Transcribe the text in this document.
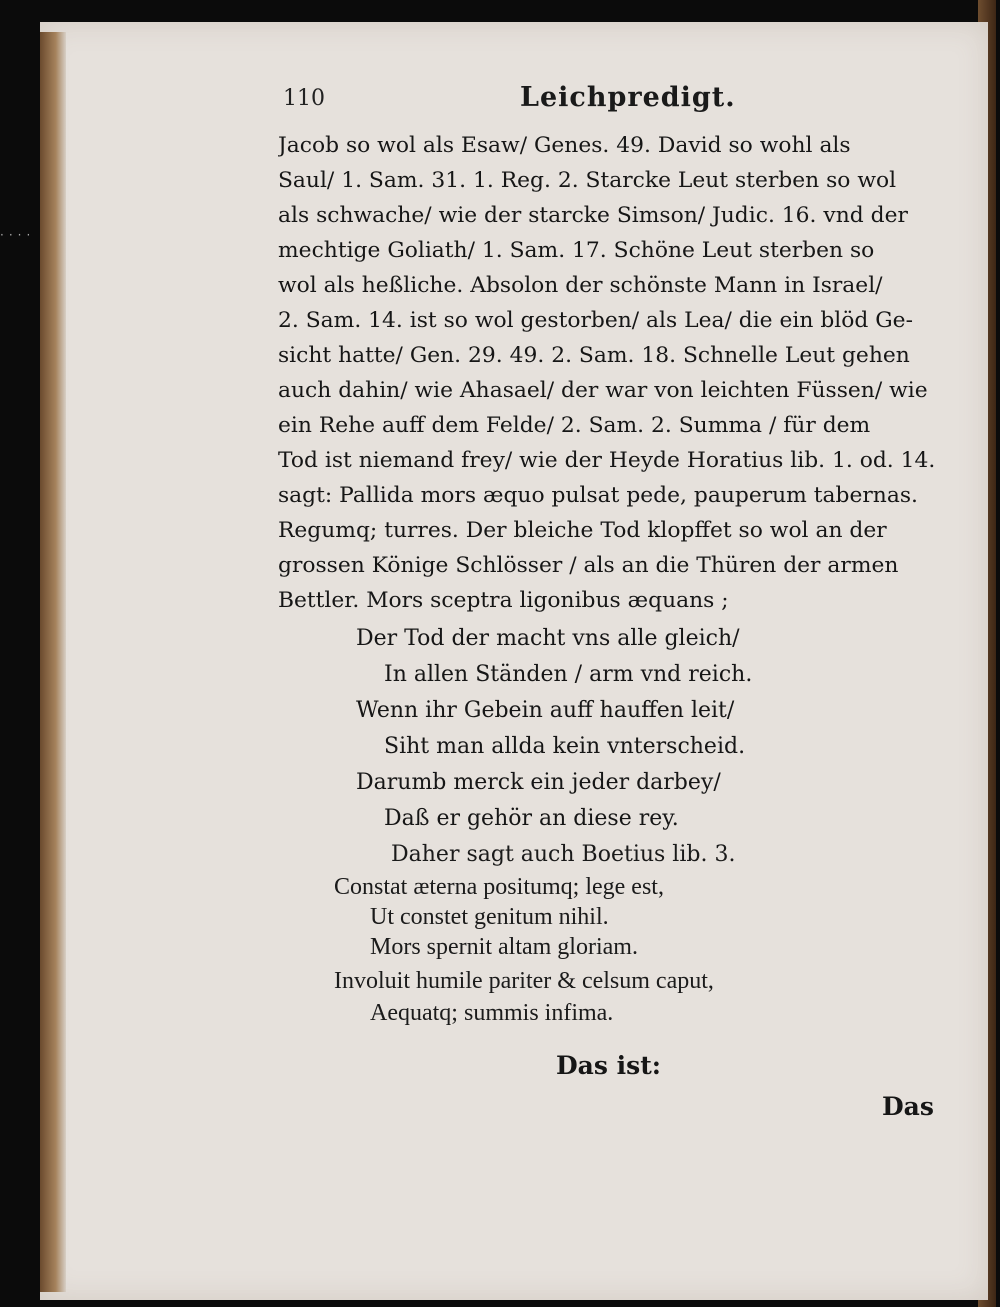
····
110	Leichpredigt.
Jacob so wol als Esaw/ Genes. 49. David so wohl als
Saul/ 1. Sam. 31. 1. Reg. 2. Starcke Leut sterben so wol
als schwache/ wie der starcke Simson/ Judic. 16. vnd der
mechtige Goliath/ 1. Sam. 17. Schöne Leut sterben so
wol als heßliche. Absolon der schönste Mann in Israel/
2. Sam. 14. ist so wol gestorben/ als Lea/ die ein blöd Ge-
sicht hatte/ Gen. 29. 49. 2. Sam. 18. Schnelle Leut gehen
auch dahin/ wie Ahasael/ der war von leichten Füssen/ wie
ein Rehe auff dem Felde/ 2. Sam. 2. Summa / für dem
Tod ist niemand frey/ wie der Heyde Horatius lib. 1. od. 14.
sagt: Pallida mors æquo pulsat pede, pauperum tabernas.
Regumq; turres. Der bleiche Tod klopffet so wol an der
grossen Könige Schlösser / als an die Thüren der armen
Bettler. Mors sceptra ligonibus æquans ;
Der Tod der macht vns alle gleich/
In allen Ständen / arm vnd reich.
Wenn ihr Gebein auff hauffen leit/
Siht man allda kein vnterscheid.
Darumb merck ein jeder darbey/
Daß er gehör an diese rey.
Daher sagt auch Boetius lib. 3.
Constat æterna positumq; lege est,
Ut constet genitum nihil.
Mors spernit altam gloriam.
Involuit humile pariter & celsum caput,
Aequatq; summis infima.
Das ist:
Das
